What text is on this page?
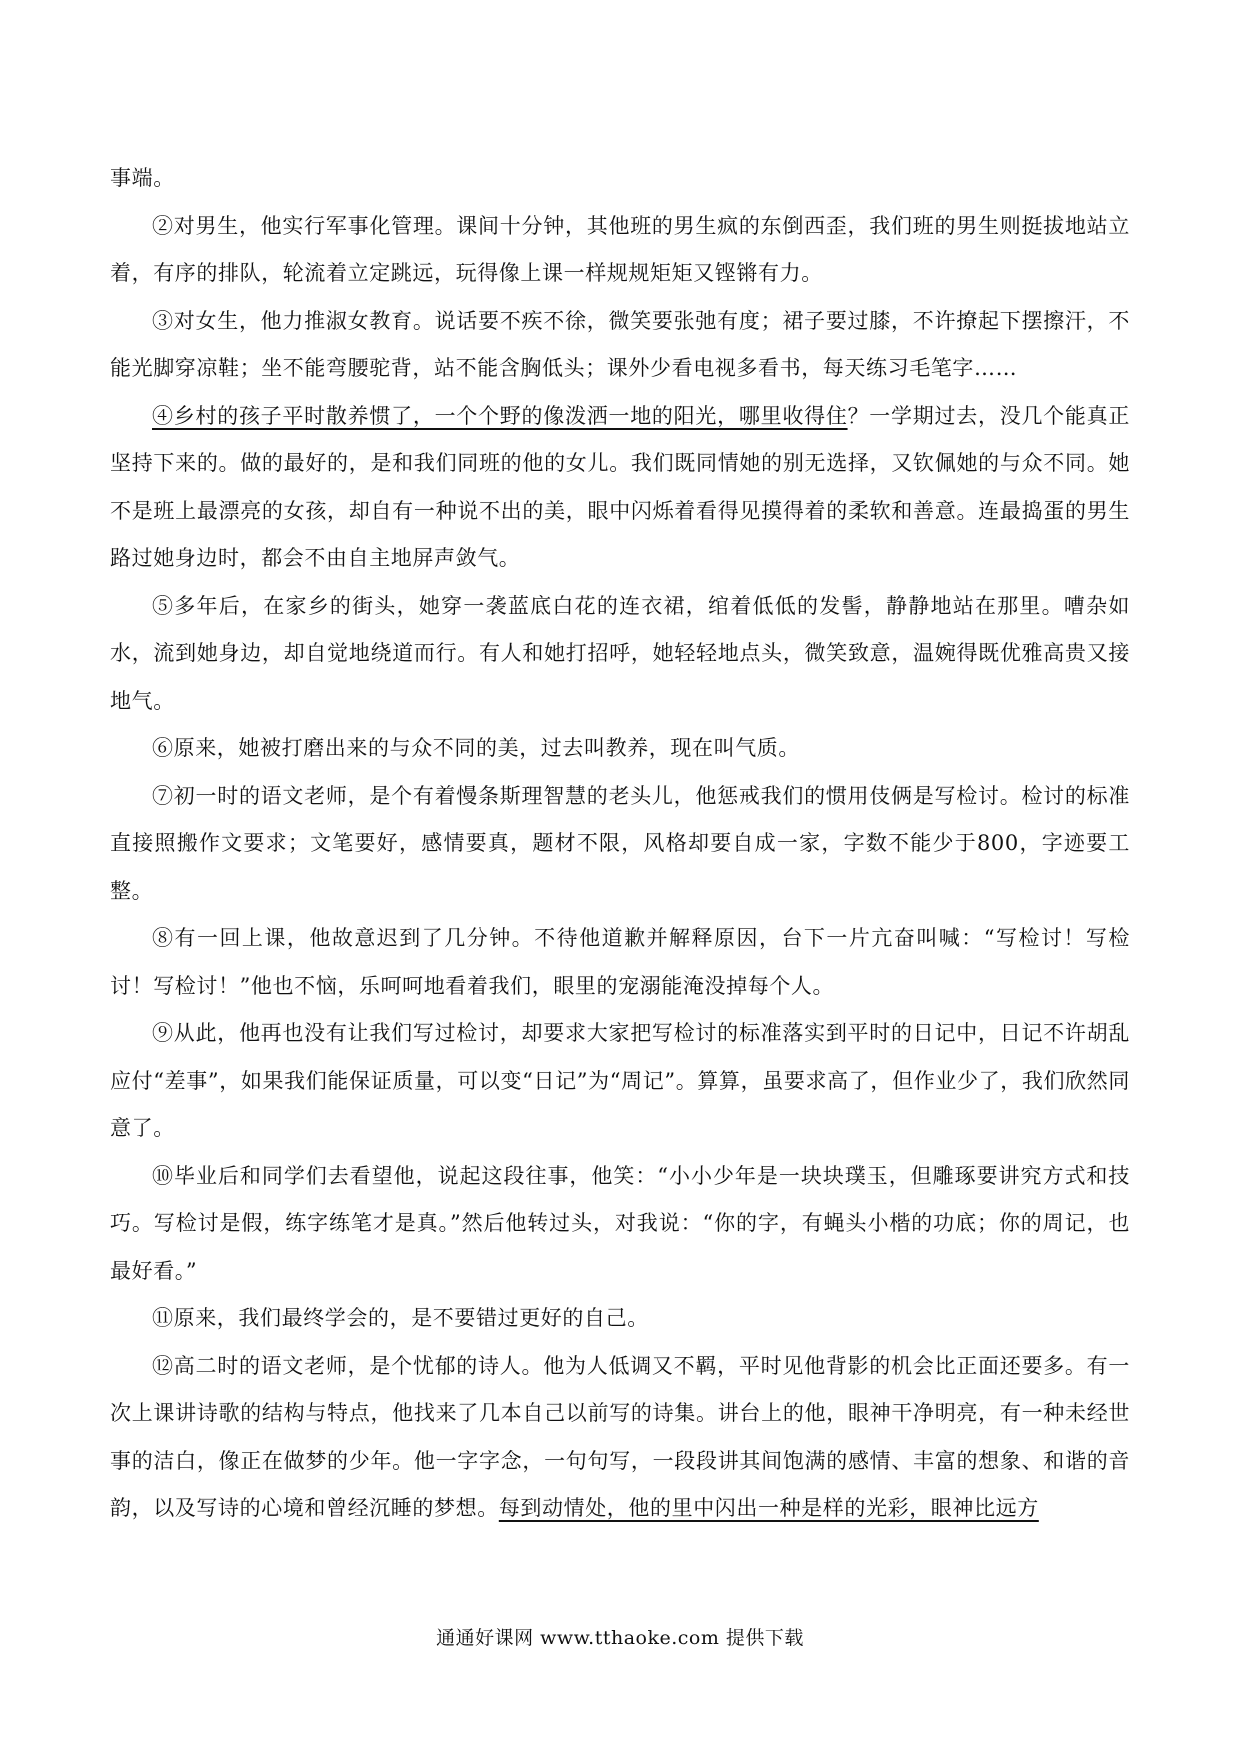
事端。

②对男生，他实行军事化管理。课间十分钟，其他班的男生疯的东倒西歪，我们班的男生则挺拔地站立着，有序的排队，轮流着立定跳远，玩得像上课一样规规矩矩又铿锵有力。

③对女生，他力推淑女教育。说话要不疾不徐，微笑要张弛有度；裙子要过膝，不许撩起下摆擦汗，不能光脚穿凉鞋；坐不能弯腰驼背，站不能含胸低头；课外少看电视多看书，每天练习毛笔字……

④乡村的孩子平时散养惯了，一个个野的像泼洒一地的阳光，哪里收得住？一学期过去，没几个能真正坚持下来的。做的最好的，是和我们同班的他的女儿。我们既同情她的别无选择，又钦佩她的与众不同。她不是班上最漂亮的女孩，却自有一种说不出的美，眼中闪烁着看得见摸得着的柔软和善意。连最捣蛋的男生路过她身边时，都会不由自主地屏声敛气。

⑤多年后，在家乡的街头，她穿一袭蓝底白花的连衣裙，绾着低低的发髻，静静地站在那里。嘈杂如水，流到她身边，却自觉地绕道而行。有人和她打招呼，她轻轻地点头，微笑致意，温婉得既优雅高贵又接地气。

⑥原来，她被打磨出来的与众不同的美，过去叫教养，现在叫气质。

⑦初一时的语文老师，是个有着慢条斯理智慧的老头儿，他惩戒我们的惯用伎俩是写检讨。检讨的标准直接照搬作文要求；文笔要好，感情要真，题材不限，风格却要自成一家，字数不能少于800，字迹要工整。

⑧有一回上课，他故意迟到了几分钟。不待他道歉并解释原因，台下一片亢奋叫喊：“写检讨！写检讨！写检讨！”他也不恼，乐呵呵地看着我们，眼里的宠溺能淹没掉每个人。

⑨从此，他再也没有让我们写过检讨，却要求大家把写检讨的标准落实到平时的日记中，日记不许胡乱应付“差事”，如果我们能保证质量，可以变“日记”为“周记”。算算，虽要求高了，但作业少了，我们欣然同意了。

⑩毕业后和同学们去看望他，说起这段往事，他笑：“小小少年是一块块璞玉，但雕琢要讲究方式和技巧。写检讨是假，练字练笔才是真。”然后他转过头，对我说：“你的字，有蝇头小楷的功底；你的周记，也最好看。”

⑪原来，我们最终学会的，是不要错过更好的自己。

⑫高二时的语文老师，是个忧郁的诗人。他为人低调又不羁，平时见他背影的机会比正面还要多。有一次上课讲诗歌的结构与特点，他找来了几本自己以前写的诗集。讲台上的他，眼神干净明亮，有一种未经世事的洁白，像正在做梦的少年。他一字字念，一句句写，一段段讲其间饱满的感情、丰富的想象、和谐的音韵，以及写诗的心境和曾经沉睡的梦想。每到动情处，他的里中闪出一种是样的光彩，眼神比远方

通通好课网 www.tthaoke.com 提供下载
